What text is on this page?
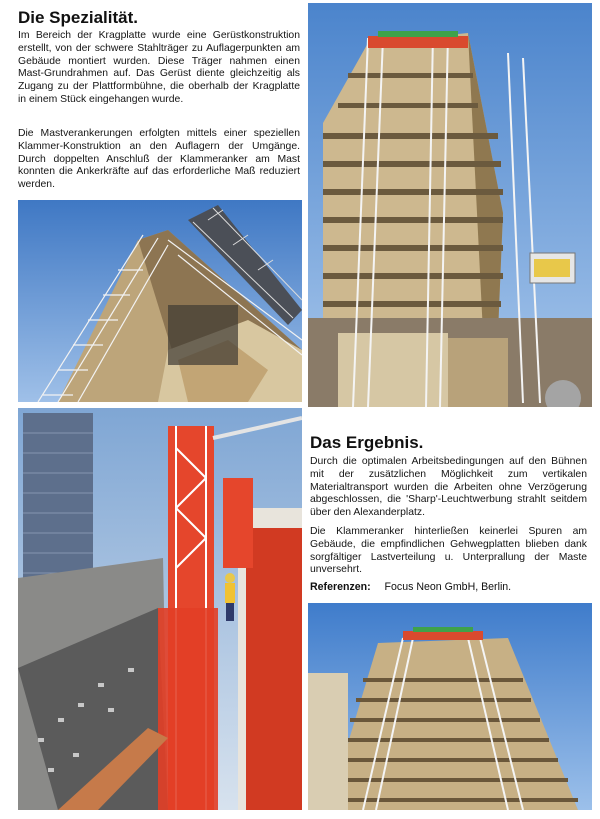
Die Spezialität.

Im Bereich der Kragplatte wurde eine Gerüstkonstruktion erstellt, von der schwere Stahlträger zu Auflagerpunkten am Gebäude montiert wurden. Diese Träger nahmen einen Mast-Grundrahmen auf. Das Gerüst diente gleichzeitig als Zugang zu der Plattformbühne, die oberhalb der Kragplatte in einem Stück eingehangen wurde.

Die Mastverankerungen erfolgten mittels einer speziellen Klammer-Konstruktion an den Auflagern der Umgänge. Durch doppelten Anschluß der Klammeranker am Mast konnten die Ankerkräfte auf das erforderliche Maß reduziert werden.

Das Ergebnis.

Durch die optimalen Arbeitsbedingungen auf den Bühnen mit der zusätzlichen Möglichkeit zum vertikalen Materialtransport wurden die Arbeiten ohne Verzögerung abgeschlossen, die 'Sharp'-Leuchtwerbung strahlt seitdem über den Alexanderplatz.

Die Klammeranker hinterließen keinerlei Spuren am Gebäude, die empfindlichen Gehwegplatten blieben dank sorgfältiger Lastverteilung u. Unterprallung der Maste unversehrt.

Referenzen: Focus Neon GmbH, Berlin.
